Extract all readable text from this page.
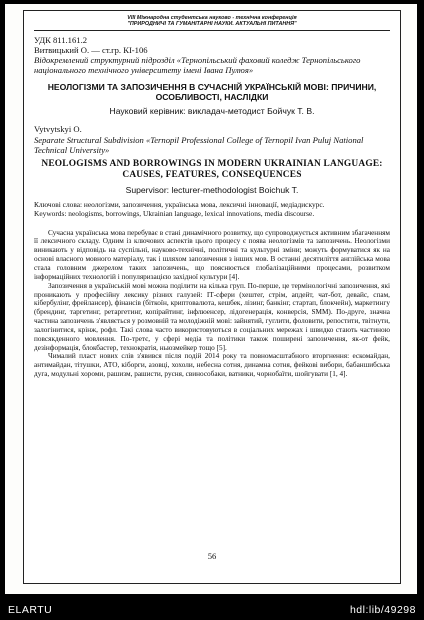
VIII Міжнародна студентська науково - технічна конференція
"ПРИРОДНИЧІ ТА ГУМАНІТАРНІ НАУКИ. АКТУАЛЬНІ ПИТАННЯ"

УДК 811.161.2

Витвицький О. — ст.гр. КІ-106

Відокремлений структурний підрозділ «Тернопільський фаховий коледж Тернопільського національного технічного університету імені Івана Пулюя»

НЕОЛОГІЗМИ ТА ЗАПОЗИЧЕННЯ В СУЧАСНІЙ УКРАЇНСЬКІЙ МОВІ: ПРИЧИНИ, ОСОБЛИВОСТІ, НАСЛІДКИ
Науковий керівник: викладач-методист Бойчук Т. В.

Vytvytskyi O.

Separate Structural Subdivision «Ternopil Professional College of Ternopil Ivan Puluj National Technical University»

NEOLOGISMS AND BORROWINGS IN MODERN UKRAINIAN LANGUAGE: CAUSES, FEATURES, CONSEQUENCES
Supervisor: lecturer-methodologist Boichuk T.

Ключові слова: неологізми, запозичення, українська мова, лексичні інновації, медіадискурс.

Keywords: neologisms, borrowings, Ukrainian language, lexical innovations, media discourse.

Сучасна українська мова перебуває в стані динамічного розвитку, що супроводжується активним збагаченням її лексичного складу. Одним із ключових аспектів цього процесу є поява неологізмів та запозичень. Неологізми виникають у відповідь на суспільні, науково-технічні, політичні та культурні зміни; можуть формуватися як на основі власного мовного матеріалу, так і шляхом запозичення з інших мов. В останні десятиліття англійська мова стала головним джерелом таких запозичень, що пояснюється глобалізаційними процесами, розвитком інформаційних технологій і популяризацією західної культури [4].

Запозичення в українській мові можна поділити на кілька груп. По-перше, це термінологічні запозичення, які проникають у професійну лексику різних галузей: ІТ-сфери (хештег, стрім, апдейт, чат-бот, девайс, спам, кібербулінг, фрейлансер), фінансів (біткоїн, криптовалюта, кешбек, лізинг, банкінг, стартап, блокчейн), маркетингу (брендинг, таргетинг, ретаргетинг, копірайтинг, інфлюенсер, лідогенерація, конверсія, SMM). По-друге, значна частина запозичень з'являється у розмовній та молодіжній мові: зайнятий, гуглити, фоловити, репостити, твітнути, залогінитися, крінж, рофл. Такі слова часто використовуються в соціальних мережах і швидко стають частиною повсякденного мовлення. По-третє, у сфері медіа та політики також поширені запозичення, як-от фейк, дезінформація, блокбастер, технократія, ньюзмейкер тощо [5].

Чималий пласт нових слів з'явився після подій 2014 року та повномасштабного вторгнення: ескомайдан, антимайдан, тітушки, АТО, кіборги, азовці, хохоли, небесна сотня, динамна сотня, фейкові вибори, бабаншибська дуга, модульні хороми, рашизм, рашисти, русня, свинособаки, ватники, чорнобаїти, шойгувати [1, 4].

56
ELARTU	hdl:lib/49298
